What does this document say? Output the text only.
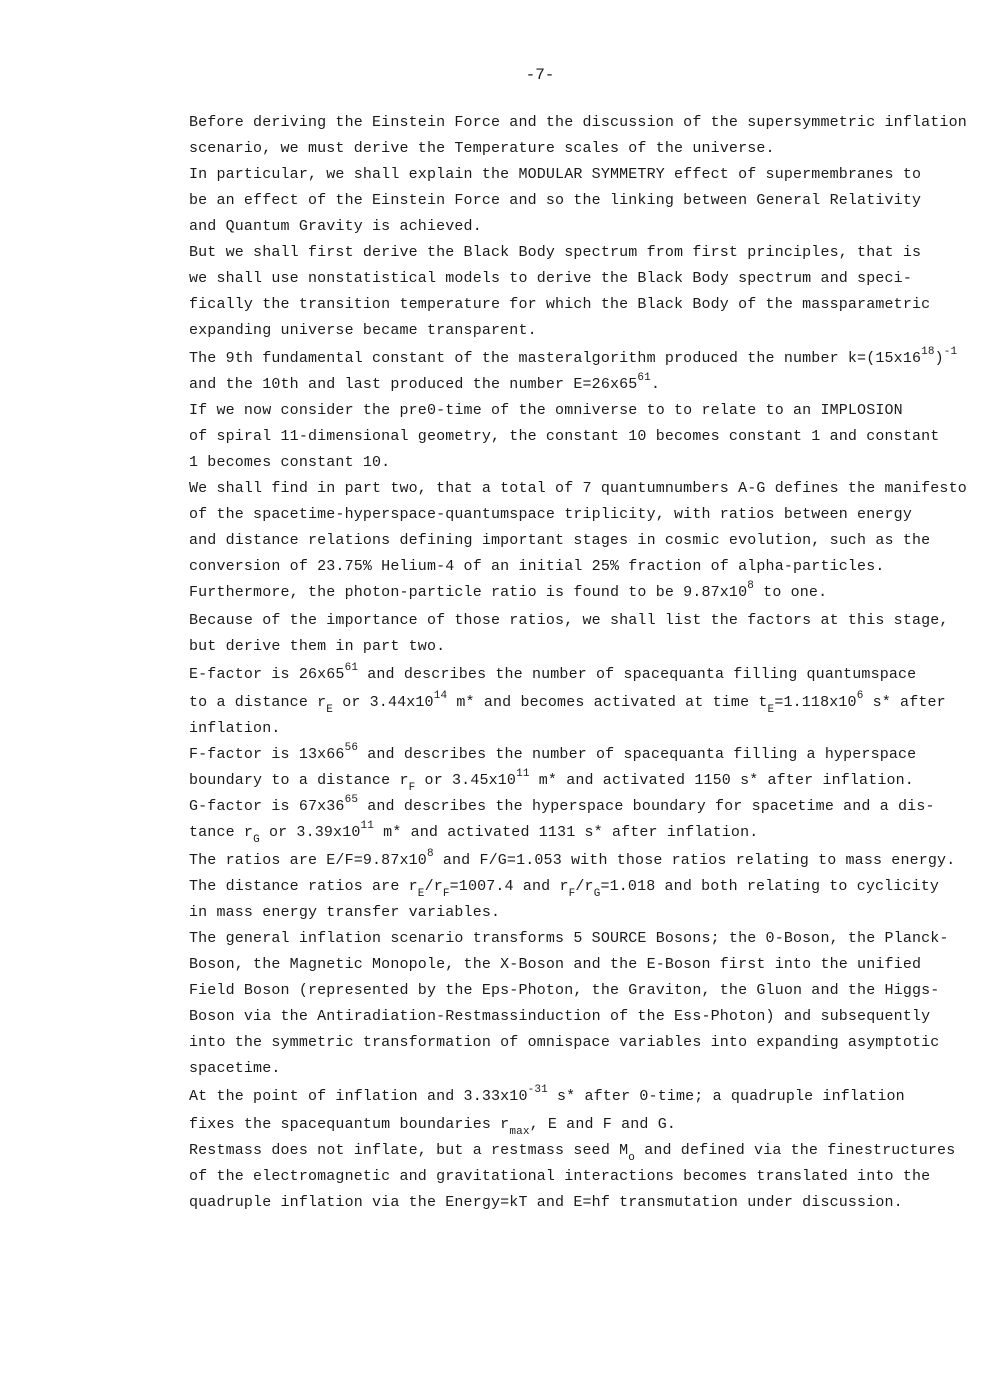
-7-
Before deriving the Einstein Force and the discussion of the supersymmetric inflation
scenario, we must derive the Temperature scales of the universe.
In particular, we shall explain the MODULAR SYMMETRY effect of supermembranes to
be an effect of the Einstein Force and so the linking between General Relativity
and Quantum Gravity is achieved.
But we shall first derive the Black Body spectrum from first principles, that is
we shall use nonstatistical models to derive the Black Body spectrum and speci-
fically the transition temperature for which the Black Body of the massparametric
expanding universe became transparent.
The 9th fundamental constant of the masteralgorithm produced the number $k=(15x16^{18})^{-1}$
and the 10th and last produced the number $E=26x65^{61}$.
If we now consider the pre0-time of the omniverse to to relate to an IMPLOSION
of spiral 11-dimensional geometry, the constant 10 becomes constant 1 and constant
1 becomes constant 10.
We shall find in part two, that a total of 7 quantumnumbers A-G defines the manifesto
of the spacetime-hyperspace-quantumspace triplicity, with ratios between energy
and distance relations defining important stages in cosmic evolution, such as the
conversion of 23.75% Helium-4 of an initial 25% fraction of alpha-particles.
Furthermore, the photon-particle ratio is found to be $9.87x10^8$ to one.
Because of the importance of those ratios, we shall list the factors at this stage,
but derive them in part two.
E-factor is $26x65^{61}$ and describes the number of spacequanta filling quantumspace
to a distance $r_E$ or $3.44x10^{14}$ m* and becomes activated at time $t_E=1.118x10^6$ s* after
inflation.
F-factor is $13x66^{56}$ and describes the number of spacequanta filling a hyperspace
boundary to a distance $r_F$ or $3.45x10^{11}$ m* and activated 1150 s* after inflation.
G-factor is $67x36^{65}$ and describes the hyperspace boundary for spacetime and a dis-
tance $r_G$ or $3.39x10^{11}$ m* and activated 1131 s* after inflation.
The ratios are $E/F=9.87x10^8$ and F/G=1.053 with those ratios relating to mass energy.
The distance ratios are $r_E/r_F=1007.4$ and $r_F/r_G=1.018$ and both relating to cyclicity
in mass energy transfer variables.
The general inflation scenario transforms 5 SOURCE Bosons; the 0-Boson, the Planck-
Boson, the Magnetic Monopole, the X-Boson and the E-Boson first into the unified
Field Boson (represented by the Eps-Photon, the Graviton, the Gluon and the Higgs-
Boson via the Antiradiation-Restmassinduction of the Ess-Photon) and subsequently
into the symmetric transformation of omnispace variables into expanding asymptotic
spacetime.
At the point of inflation and $3.33x10^{-31}$ s* after 0-time; a quadruple inflation
fixes the spacequantum boundaries $r_{max}$, E and F and G.
Restmass does not inflate, but a restmass seed $M_o$ and defined via the finestructures
of the electromagnetic and gravitational interactions becomes translated into the
quadruple inflation via the Energy=kT and E=hf transmutation under discussion.
